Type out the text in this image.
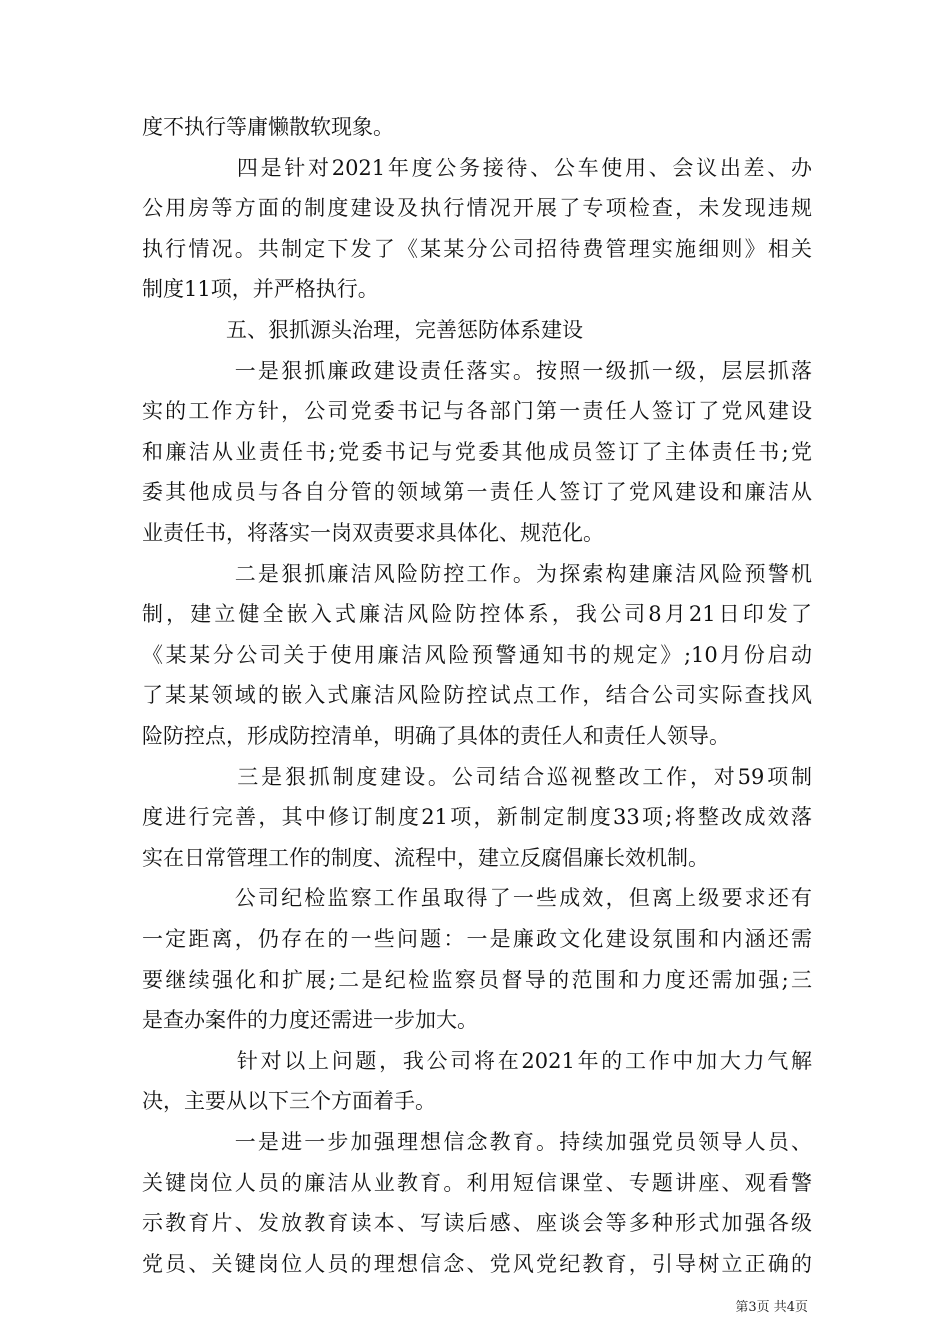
度不执行等庸懒散软现象。
　　　　四是针对2021年度公务接待、公车使用、会议出差、办
公用房等方面的制度建设及执行情况开展了专项检查，未发现违规
执行情况。共制定下发了《某某分公司招待费管理实施细则》相关
制度11项，并严格执行。
　　　　五、狠抓源头治理，完善惩防体系建设
　　　　一是狠抓廉政建设责任落实。按照一级抓一级，层层抓落
实的工作方针，公司党委书记与各部门第一责任人签订了党风建设
和廉洁从业责任书;党委书记与党委其他成员签订了主体责任书;党
委其他成员与各自分管的领域第一责任人签订了党风建设和廉洁从
业责任书，将落实一岗双责要求具体化、规范化。
　　　　二是狠抓廉洁风险防控工作。为探索构建廉洁风险预警机
制，建立健全嵌入式廉洁风险防控体系，我公司8月21日印发了
《某某分公司关于使用廉洁风险预警通知书的规定》;10月份启动
了某某领域的嵌入式廉洁风险防控试点工作，结合公司实际查找风
险防控点，形成防控清单，明确了具体的责任人和责任人领导。
　　　　三是狠抓制度建设。公司结合巡视整改工作，对59项制
度进行完善，其中修订制度21项，新制定制度33项;将整改成效落
实在日常管理工作的制度、流程中，建立反腐倡廉长效机制。
　　　　公司纪检监察工作虽取得了一些成效，但离上级要求还有
一定距离，仍存在的一些问题：一是廉政文化建设氛围和内涵还需
要继续强化和扩展;二是纪检监察员督导的范围和力度还需加强;三
是查办案件的力度还需进一步加大。
　　　　针对以上问题，我公司将在2021年的工作中加大力气解
决，主要从以下三个方面着手。
　　　　一是进一步加强理想信念教育。持续加强党员领导人员、
关键岗位人员的廉洁从业教育。利用短信课堂、专题讲座、观看警
示教育片、发放教育读本、写读后感、座谈会等多种形式加强各级
第3页 共4页
党员、关键岗位人员的理想信念、党风党纪教育，引导树立正确的
